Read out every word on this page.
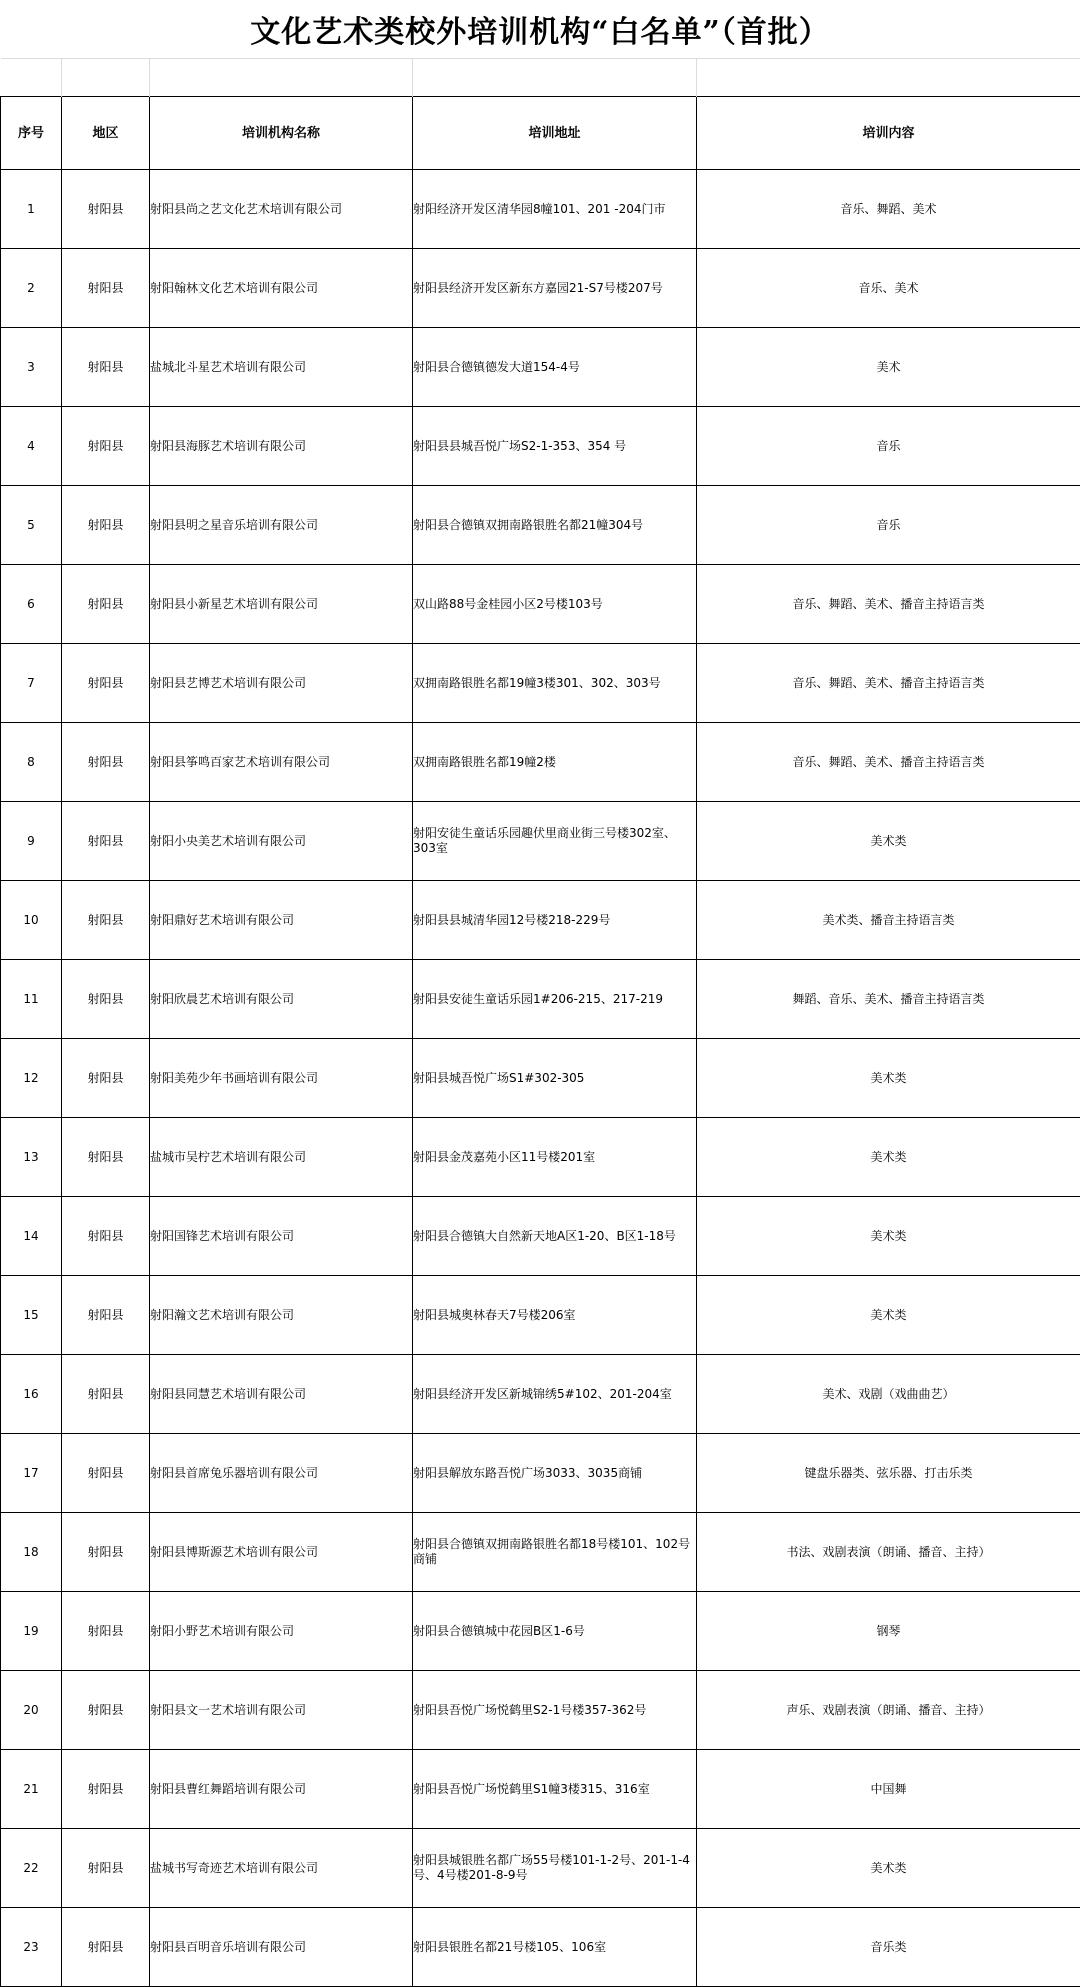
文化艺术类校外培训机构“白名单”（首批）

序号	地区	培训机构名称	培训地址	培训内容
1	射阳县	射阳县尚之艺文化艺术培训有限公司	射阳经济开发区清华园8幢101、201 -204门市	音乐、舞蹈、美术
2	射阳县	射阳翰林文化艺术培训有限公司	射阳县经济开发区新东方嘉园21-S7号楼207号	音乐、美术
3	射阳县	盐城北斗星艺术培训有限公司	射阳县合德镇德发大道154-4号	美术
4	射阳县	射阳县海豚艺术培训有限公司	射阳县县城吾悦广场S2-1-353、354 号	音乐
5	射阳县	射阳县明之星音乐培训有限公司	射阳县合德镇双拥南路银胜名都21幢304号	音乐
6	射阳县	射阳县小新星艺术培训有限公司	双山路88号金桂园小区2号楼103号	音乐、舞蹈、美术、播音主持语言类
7	射阳县	射阳县艺博艺术培训有限公司	双拥南路银胜名都19幢3楼301、302、303号	音乐、舞蹈、美术、播音主持语言类
8	射阳县	射阳县筝鸣百家艺术培训有限公司	双拥南路银胜名都19幢2楼	音乐、舞蹈、美术、播音主持语言类
9	射阳县	射阳小央美艺术培训有限公司	射阳安徒生童话乐园趣伏里商业街三号楼302室、303室	美术类
10	射阳县	射阳鼎好艺术培训有限公司	射阳县县城清华园12号楼218-229号	美术类、播音主持语言类
11	射阳县	射阳欣晨艺术培训有限公司	射阳县安徒生童话乐园1#206-215、217-219	舞蹈、音乐、美术、播音主持语言类
12	射阳县	射阳美苑少年书画培训有限公司	射阳县城吾悦广场S1#302-305	美术类
13	射阳县	盐城市吴柠艺术培训有限公司	射阳县金茂嘉苑小区11号楼201室	美术类
14	射阳县	射阳国锋艺术培训有限公司	射阳县合德镇大自然新天地A区1-20、B区1-18号	美术类
15	射阳县	射阳瀚文艺术培训有限公司	射阳县城奥林春天7号楼206室	美术类
16	射阳县	射阳县同慧艺术培训有限公司	射阳县经济开发区新城锦绣5#102、201-204室	美术、戏剧（戏曲曲艺）
17	射阳县	射阳县首席兔乐器培训有限公司	射阳县解放东路吾悦广场3033、3035商铺	键盘乐器类、弦乐器、打击乐类
18	射阳县	射阳县博斯源艺术培训有限公司	射阳县合德镇双拥南路银胜名都18号楼101、102号商铺	书法、戏剧表演（朗诵、播音、主持）
19	射阳县	射阳小野艺术培训有限公司	射阳县合德镇城中花园B区1-6号	钢琴
20	射阳县	射阳县文一艺术培训有限公司	射阳县吾悦广场悦鹤里S2-1号楼357-362号	声乐、戏剧表演（朗诵、播音、主持）
21	射阳县	射阳县曹红舞蹈培训有限公司	射阳县吾悦广场悦鹤里S1幢3楼315、316室	中国舞
22	射阳县	盐城书写奇迹艺术培训有限公司	射阳县城银胜名都广场55号楼101-1-2号、201-1-4号、4号楼201-8-9号	美术类
23	射阳县	射阳县百明音乐培训有限公司	射阳县银胜名都21号楼105、106室	音乐类
